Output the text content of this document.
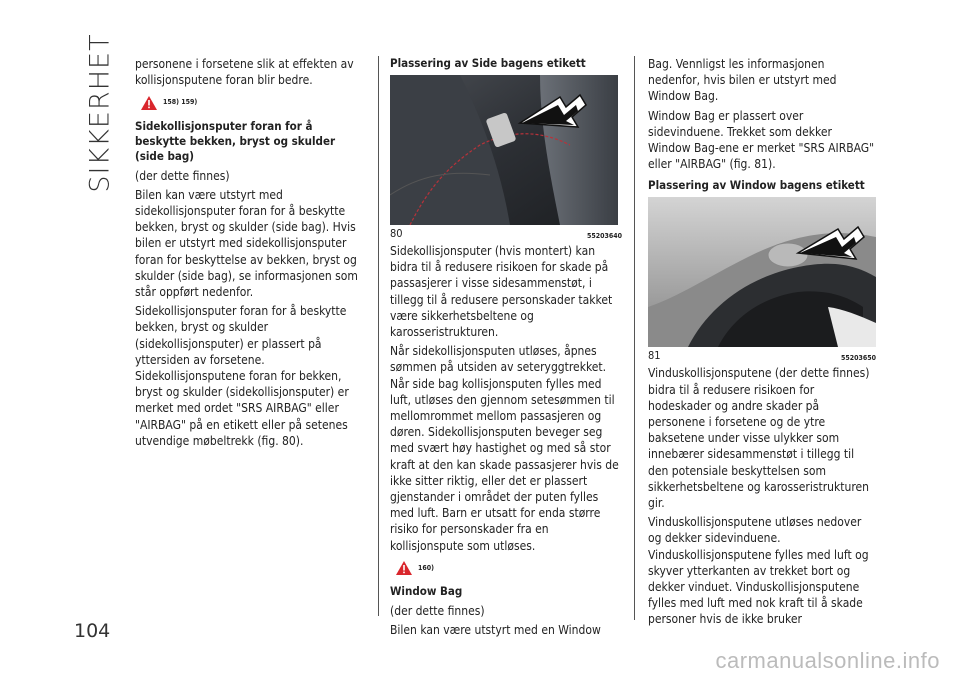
SIKKERHET
104
carmanualsonline.info

personene i forsetene slik at effekten av kollisjonsputene foran blir bedre.

158) 159)

Sidekollisjonsputer foran for å beskytte bekken, bryst og skulder (side bag)

(der dette finnes)

Bilen kan være utstyrt med sidekollisjonsputer foran for å beskytte bekken, bryst og skulder (side bag). Hvis bilen er utstyrt med sidekollisjonsputer foran for beskyttelse av bekken, bryst og skulder (side bag), se informasjonen som står oppført nedenfor.

Sidekollisjonsputer foran for å beskytte bekken, bryst og skulder (sidekollisjonsputer) er plassert på yttersiden av forsetene. Sidekollisjonsputene foran for bekken, bryst og skulder (sidekollisjonsputer) er merket med ordet "SRS AIRBAG" eller "AIRBAG" på en etikett eller på setenes utvendige møbeltrekk (fig. 80).

Plassering av Side bagens etikett

80	55203640

Sidekollisjonsputer (hvis montert) kan bidra til å redusere risikoen for skade på passasjerer i visse sidesammenstøt, i tillegg til å redusere personskader takket være sikkerhetsbeltene og karosseristrukturen.

Når sidekollisjonsputen utløses, åpnes sømmen på utsiden av seteryggtrekket. Når side bag kollisjonsputen fylles med luft, utløses den gjennom setesømmen til mellomrommet mellom passasjeren og døren. Sidekollisjonsputen beveger seg med svært høy hastighet og med så stor kraft at den kan skade passasjerer hvis de ikke sitter riktig, eller det er plassert gjenstander i området der puten fylles med luft. Barn er utsatt for enda større risiko for personskader fra en kollisjonspute som utløses.

160)

Window Bag

(der dette finnes)

Bilen kan være utstyrt med en Window

Bag. Vennligst les informasjonen nedenfor, hvis bilen er utstyrt med Window Bag.

Window Bag er plassert over sidevinduene. Trekket som dekker Window Bag-ene er merket "SRS AIRBAG" eller "AIRBAG" (fig. 81).

Plassering av Window bagens etikett

81	55203650

Vinduskollisjonsputene (der dette finnes) bidra til å redusere risikoen for hodeskader og andre skader på personene i forsetene og de ytre baksetene under visse ulykker som innebærer sidesammenstøt i tillegg til den potensiale beskyttelsen som sikkerhetsbeltene og karosseristrukturen gir.

Vinduskollisjonsputene utløses nedover og dekker sidevinduene. Vinduskollisjonsputene fylles med luft og skyver ytterkanten av trekket bort og dekker vinduet. Vinduskollisjonsputene fylles med luft med nok kraft til å skade personer hvis de ikke bruker
